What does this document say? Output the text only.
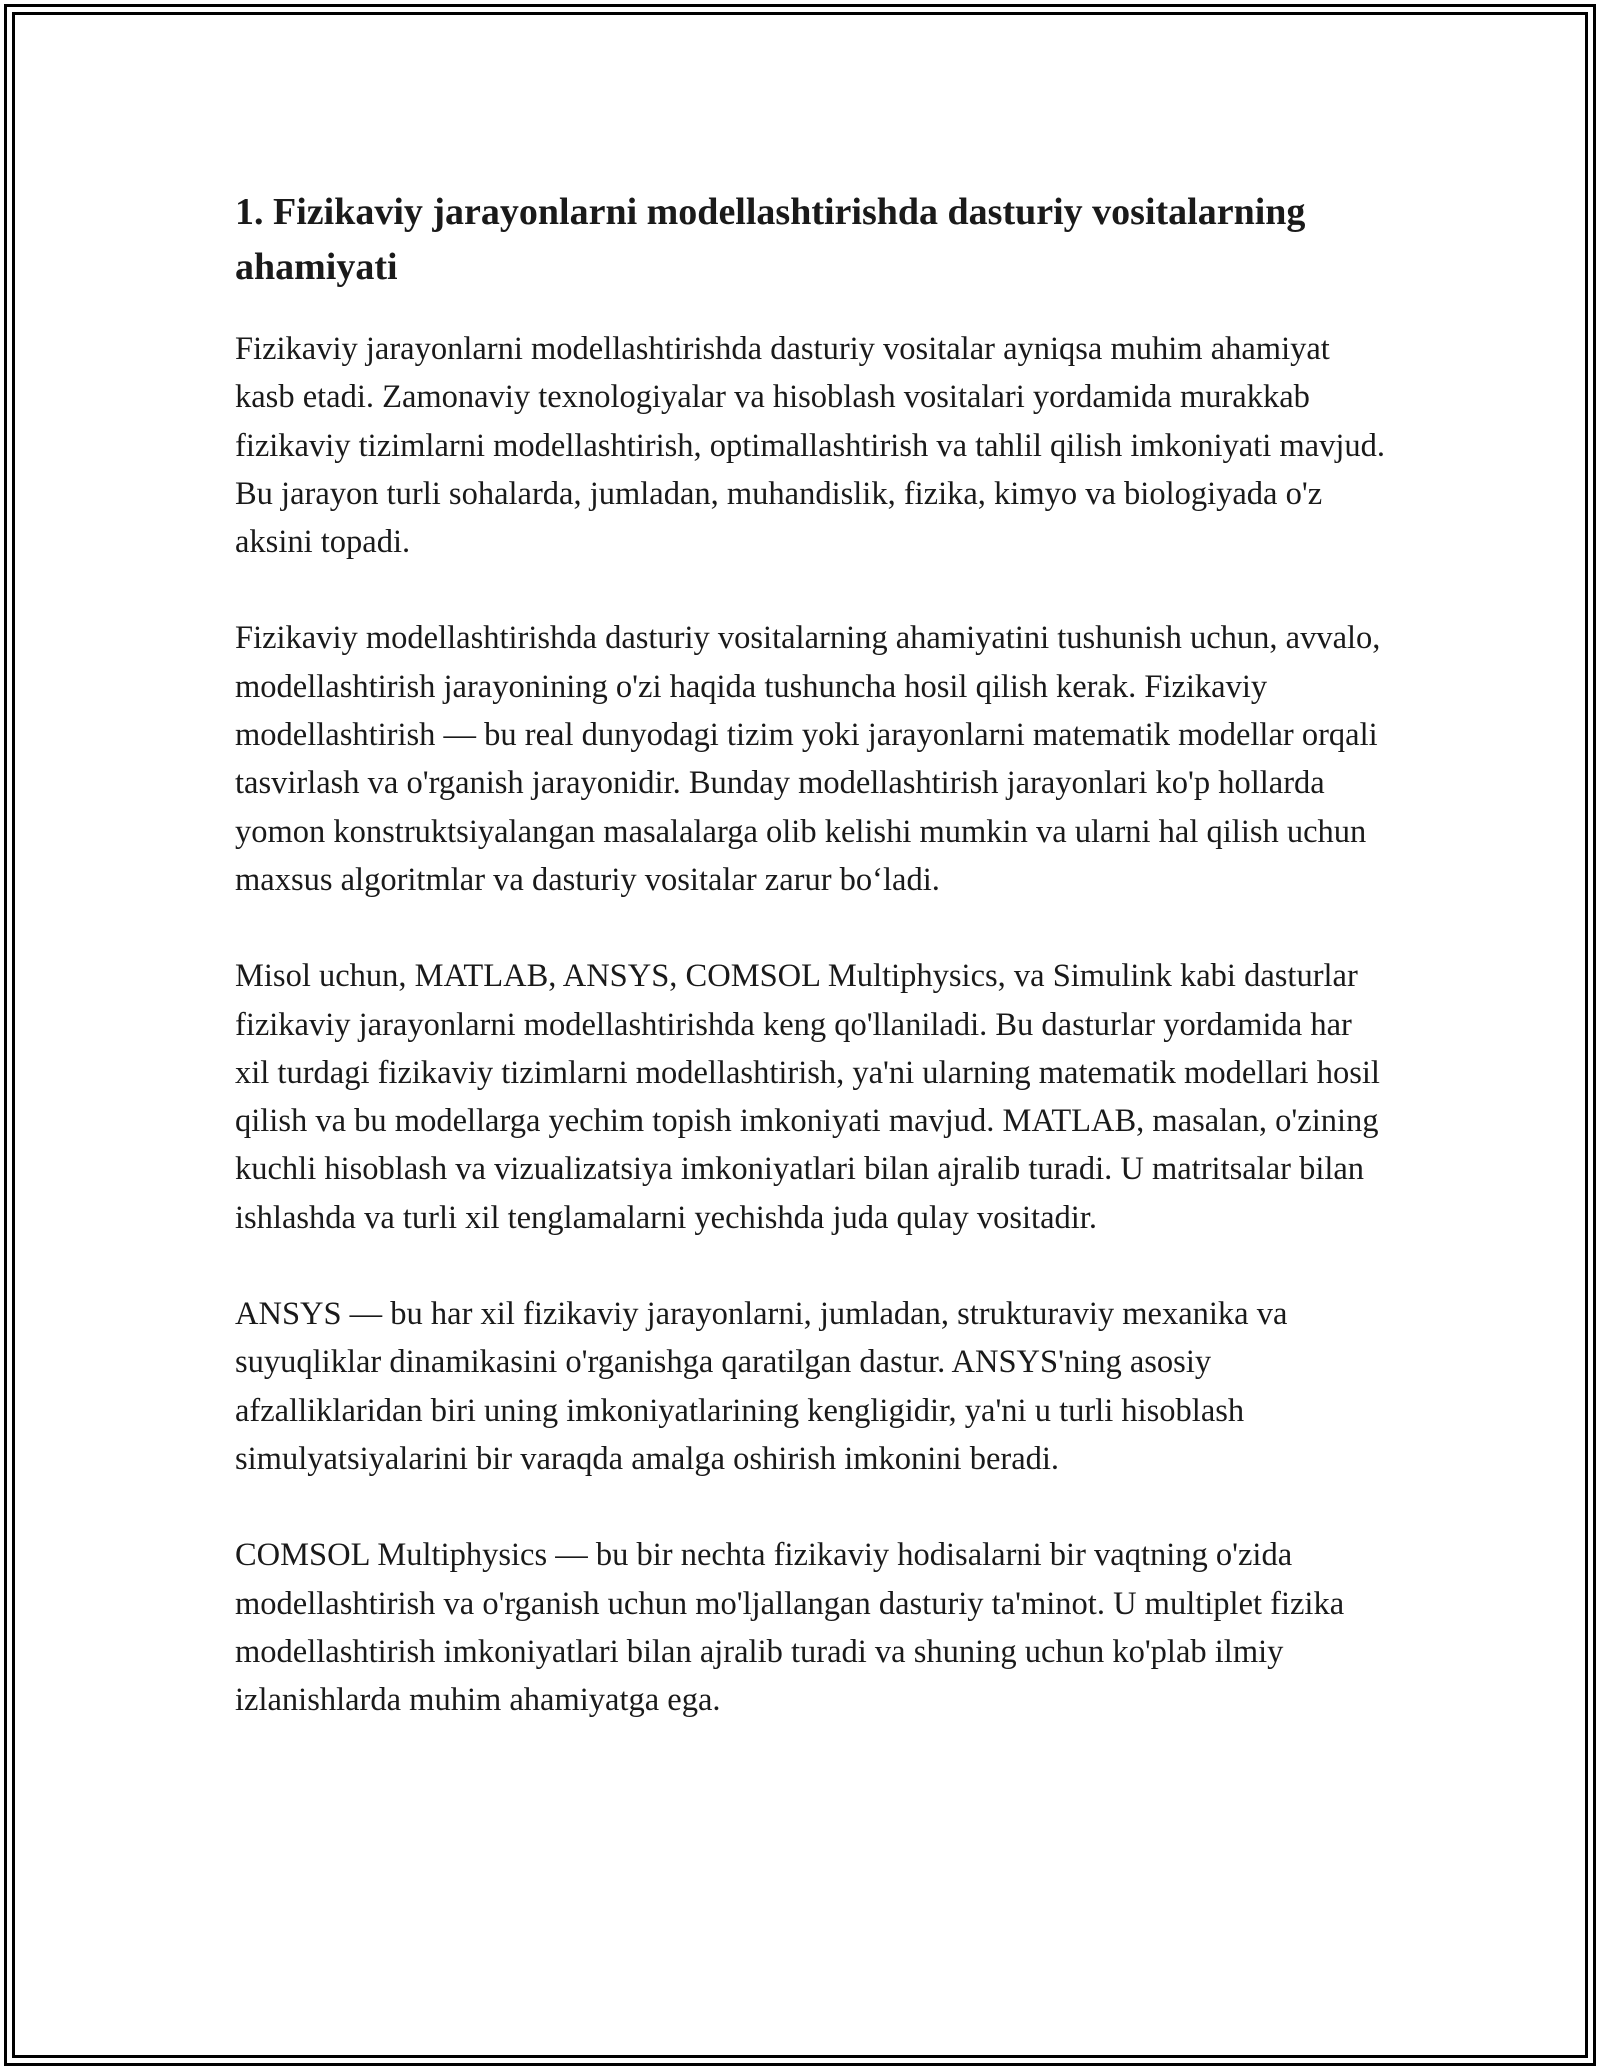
1. Fizikaviy jarayonlarni modellashtirishda dasturiy vositalarning ahamiyati

Fizikaviy jarayonlarni modellashtirishda dasturiy vositalar ayniqsa muhim ahamiyat kasb etadi. Zamonaviy texnologiyalar va hisoblash vositalari yordamida murakkab fizikaviy tizimlarni modellashtirish, optimallashtirish va tahlil qilish imkoniyati mavjud. Bu jarayon turli sohalarda, jumladan, muhandislik, fizika, kimyo va biologiyada o'z aksini topadi.

Fizikaviy modellashtirishda dasturiy vositalarning ahamiyatini tushunish uchun, avvalo, modellashtirish jarayonining o'zi haqida tushuncha hosil qilish kerak. Fizikaviy modellashtirish — bu real dunyodagi tizim yoki jarayonlarni matematik modellar orqali tasvirlash va o'rganish jarayonidir. Bunday modellashtirish jarayonlari ko'p hollarda yomon konstruktsiyalangan masalalarga olib kelishi mumkin va ularni hal qilish uchun maxsus algoritmlar va dasturiy vositalar zarur bo‘ladi.

Misol uchun, MATLAB, ANSYS, COMSOL Multiphysics, va Simulink kabi dasturlar fizikaviy jarayonlarni modellashtirishda keng qo'llaniladi. Bu dasturlar yordamida har xil turdagi fizikaviy tizimlarni modellashtirish, ya'ni ularning matematik modellari hosil qilish va bu modellarga yechim topish imkoniyati mavjud. MATLAB, masalan, o'zining kuchli hisoblash va vizualizatsiya imkoniyatlari bilan ajralib turadi. U matritsalar bilan ishlashda va turli xil tenglamalarni yechishda juda qulay vositadir.

ANSYS — bu har xil fizikaviy jarayonlarni, jumladan, strukturaviy mexanika va suyuqliklar dinamikasini o'rganishga qaratilgan dastur. ANSYS'ning asosiy afzalliklaridan biri uning imkoniyatlarining kengligidir, ya'ni u turli hisoblash simulyatsiyalarini bir varaqda amalga oshirish imkonini beradi.

COMSOL Multiphysics — bu bir nechta fizikaviy hodisalarni bir vaqtning o'zida modellashtirish va o'rganish uchun mo'ljallangan dasturiy ta'minot. U multiplet fizika modellashtirish imkoniyatlari bilan ajralib turadi va shuning uchun ko'plab ilmiy izlanishlarda muhim ahamiyatga ega.
